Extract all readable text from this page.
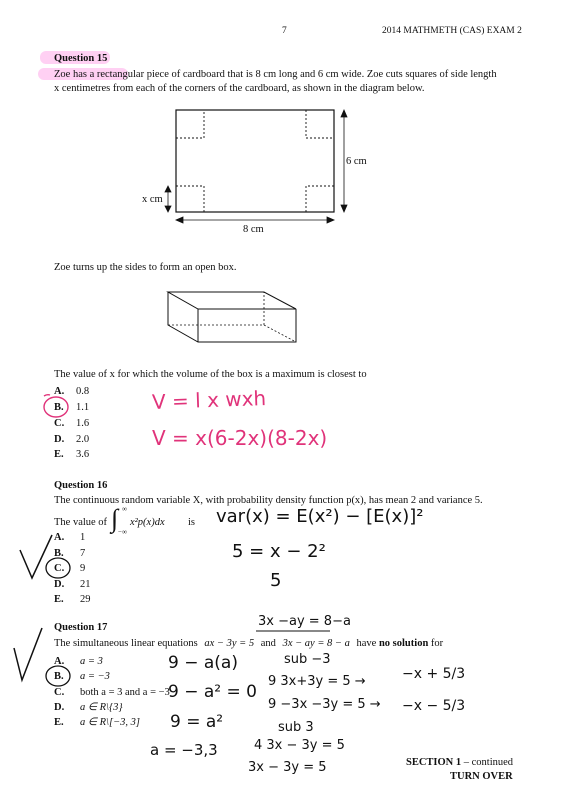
7	2014 MATHMETH (CAS) EXAM 2
Question 15
Zoe has a rectangular piece of cardboard that is 8 cm long and 6 cm wide. Zoe cuts squares of side length
x centimetres from each of the corners of the cardboard, as shown in the diagram below.
6 cm
8 cm
x cm
Zoe turns up the sides to form an open box.
The value of x for which the volume of the box is a maximum is closest to
A. 0.8
B. 1.1
C. 1.6
D. 2.0
E. 3.6
V = l x wxh
V = x(6-2x)(8-2x)
Question 16
The continuous random variable X, with probability density function p(x), has mean 2 and variance 5.
The value of ∫ ∞
−∞
x²p(x)dx is
A. 1
B. 7
C. 9
D. 21
E. 29
var(x) = E(x²) − [E(x)]²
5 = x − 2²
5
Question 17
The simultaneous linear equations ax − 3y = 5 and 3x − ay = 8 − a have no solution for
A. a = 3
B. a = −3
C. both a = 3 and a = −3
D. a ∈ R\{3}
E. a ∈ R\[−3, 3]
3x −ay = 8−a
9 − a(a)
9 − a² = 0
9 = a²
a = −3,3
sub −3
9 3x+3y = 5 →
9 −3x −3y = 5 →
−x + 5/3
−x − 5/3
sub 3
4 3x − 3y = 5
3x − 3y = 5	SECTION 1 – continued
TURN OVER
